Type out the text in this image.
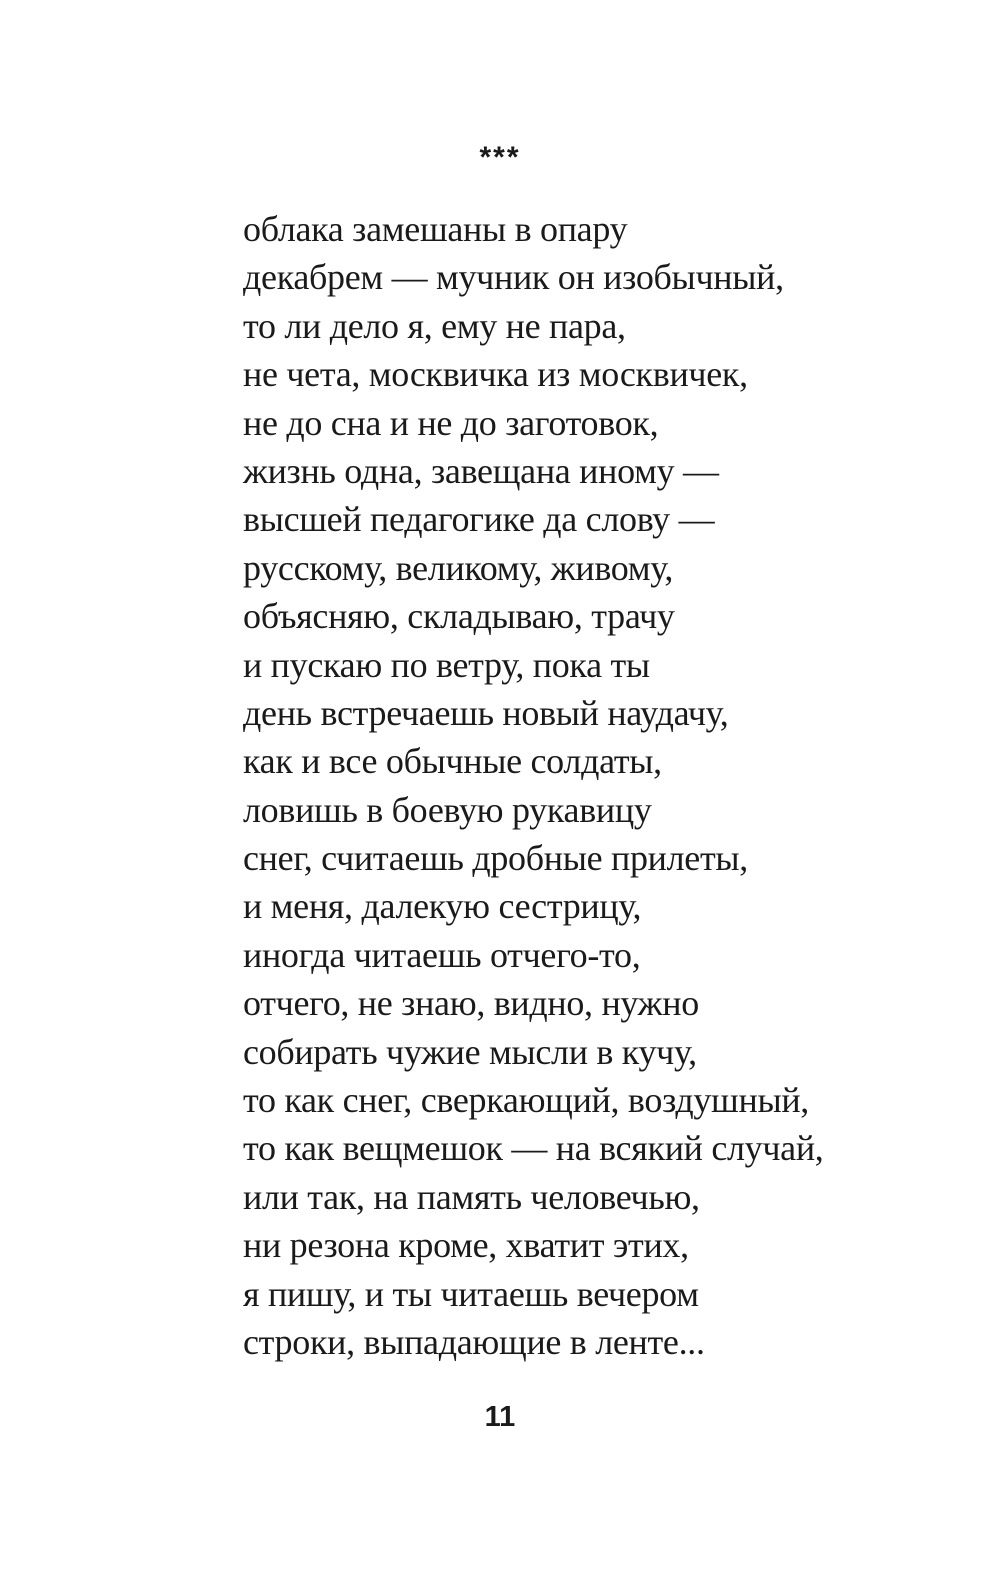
***
облака замешаны в опару
декабрем — мучник он изобычный,
то ли дело я, ему не пара,
не чета, москвичка из москвичек,
не до сна и не до заготовок,
жизнь одна, завещана иному —
высшей педагогике да слову —
русскому, великому, живому,
объясняю, складываю, трачу
и пускаю по ветру, пока ты
день встречаешь новый наудачу,
как и все обычные солдаты,
ловишь в боевую рукавицу
снег, считаешь дробные прилеты,
и меня, далекую сестрицу,
иногда читаешь отчего-то,
отчего, не знаю, видно, нужно
собирать чужие мысли в кучу,
то как снег, сверкающий, воздушный,
то как вещмешок — на всякий случай,
или так, на память человечью,
ни резона кроме, хватит этих,
я пишу, и ты читаешь вечером
строки, выпадающие в ленте...
11
